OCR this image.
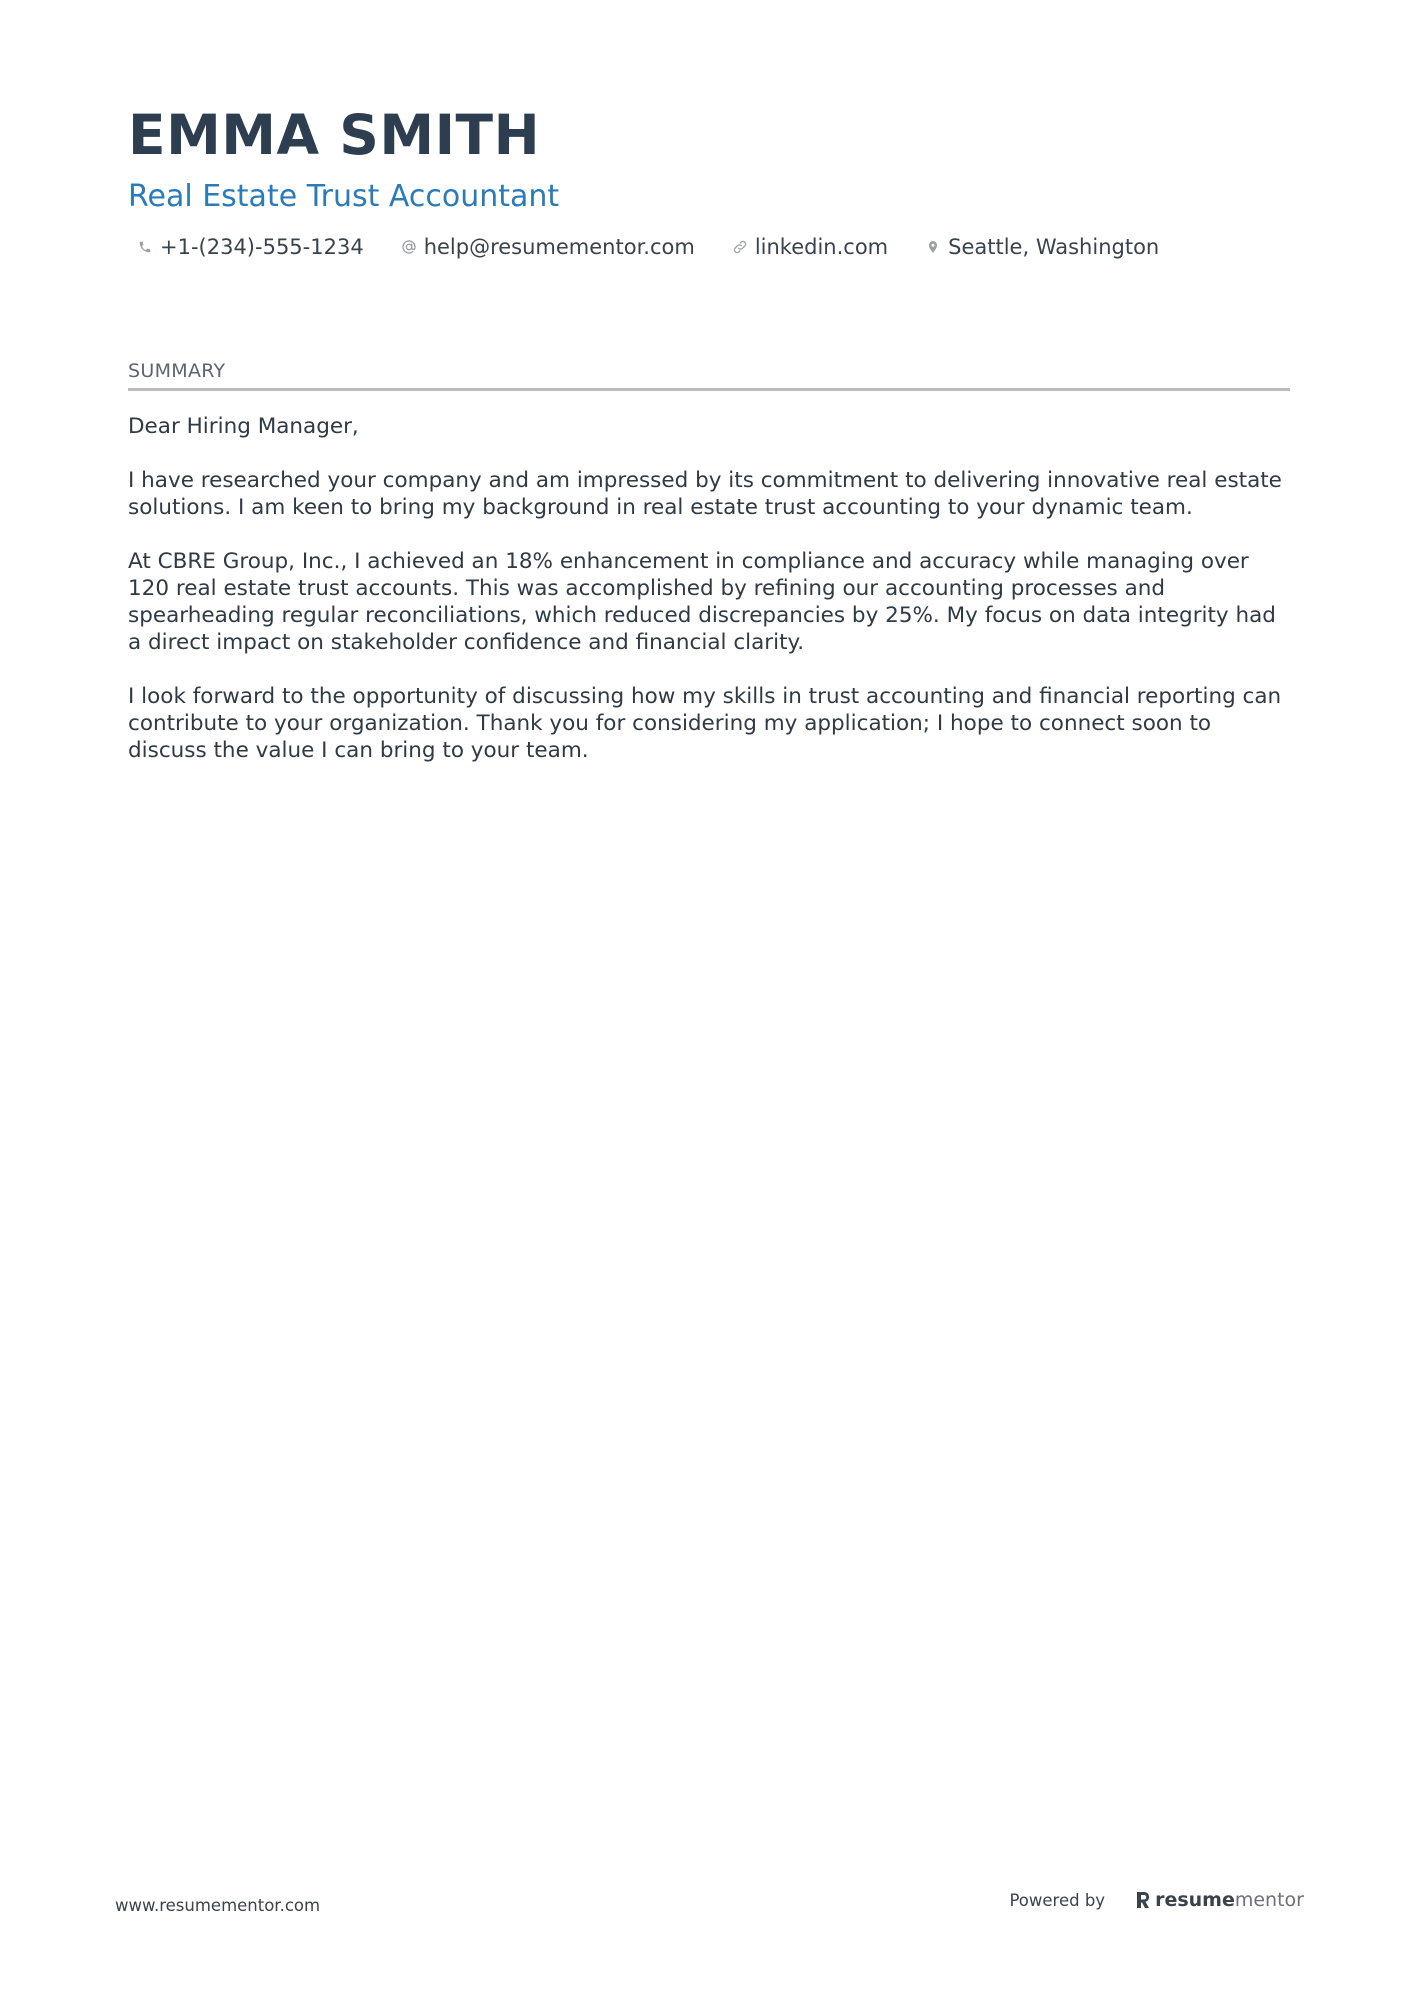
EMMA SMITH
Real Estate Trust Accountant
+1-(234)-555-1234	help@resumementor.com	linkedin.com	Seattle, Washington
SUMMARY

Dear Hiring Manager,

I have researched your company and am impressed by its commitment to delivering innovative real estate solutions. I am keen to bring my background in real estate trust accounting to your dynamic team.

At CBRE Group, Inc., I achieved an 18% enhancement in compliance and accuracy while managing over 120 real estate trust accounts. This was accomplished by refining our accounting processes and spearheading regular reconciliations, which reduced discrepancies by 25%. My focus on data integrity had a direct impact on stakeholder confidence and financial clarity.

I look forward to the opportunity of discussing how my skills in trust accounting and financial reporting can contribute to your organization. Thank you for considering my application; I hope to connect soon to discuss the value I can bring to your team.

www.resumementor.com	Powered by	resume mentor
